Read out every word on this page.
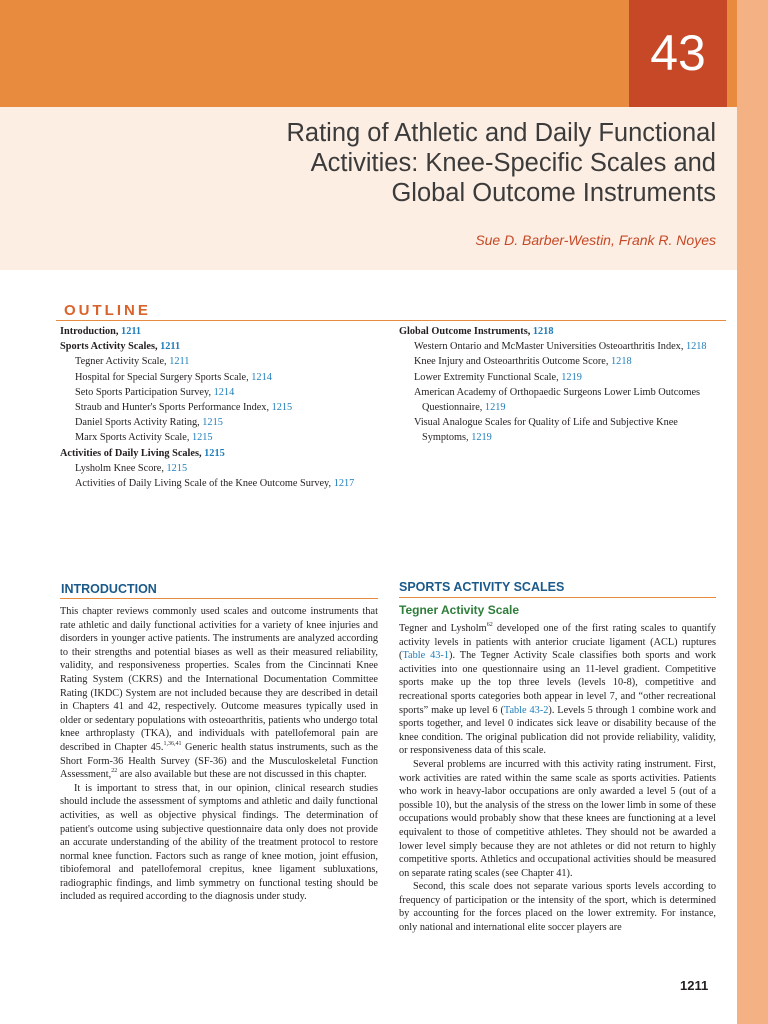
43
Rating of Athletic and Daily Functional
Activities: Knee-Specific Scales and
Global Outcome Instruments
Sue D. Barber-Westin, Frank R. Noyes
OUTLINE
Introduction, 1211
Sports Activity Scales, 1211
Tegner Activity Scale, 1211
Hospital for Special Surgery Sports Scale, 1214
Seto Sports Participation Survey, 1214
Straub and Hunter's Sports Performance Index, 1215
Daniel Sports Activity Rating, 1215
Marx Sports Activity Scale, 1215
Activities of Daily Living Scales, 1215
Lysholm Knee Score, 1215
Activities of Daily Living Scale of the Knee Outcome Survey, 1217
Global Outcome Instruments, 1218
Western Ontario and McMaster Universities Osteoarthritis Index, 1218
Knee Injury and Osteoarthritis Outcome Score, 1218
Lower Extremity Functional Scale, 1219
American Academy of Orthopaedic Surgeons Lower Limb Outcomes Questionnaire, 1219
Visual Analogue Scales for Quality of Life and Subjective Knee Symptoms, 1219
INTRODUCTION

This chapter reviews commonly used scales and outcome instruments that rate athletic and daily functional activities for a variety of knee injuries and disorders in younger active patients. The instruments are analyzed according to their strengths and potential biases as well as their measured reliability, validity, and responsiveness properties. Scales from the Cincinnati Knee Rating System (CKRS) and the International Documentation Committee Rating (IKDC) System are not included because they are described in detail in Chapters 41 and 42, respectively. Outcome measures typically used in older or sedentary populations with osteoarthritis, patients who undergo total knee arthroplasty (TKA), and individuals with patellofemoral pain are described in Chapter 45.$^{1,36,41}$ Generic health status instruments, such as the Short Form-36 Health Survey (SF-36) and the Musculoskeletal Function Assessment,$^{22}$ are also available but these are not discussed in this chapter.

It is important to stress that, in our opinion, clinical research studies should include the assessment of symptoms and athletic and daily functional activities, as well as objective physical findings. The determination of patient's outcome using subjective questionnaire data only does not provide an accurate understanding of the ability of the treatment protocol to restore normal knee function. Factors such as range of knee motion, joint effusion, tibiofemoral and patellofemoral crepitus, knee ligament subluxations, radiographic findings, and limb symmetry on functional testing should be included as required according to the diagnosis under study.

SPORTS ACTIVITY SCALES
Tegner Activity Scale

Tegner and Lysholm$^{62}$ developed one of the first rating scales to quantify activity levels in patients with anterior cruciate ligament (ACL) ruptures (Table 43-1). The Tegner Activity Scale classifies both sports and work activities into one questionnaire using an 11-level gradient. Competitive sports make up the top three levels (levels 10-8), competitive and recreational sports categories both appear in level 7, and “other recreational sports” make up level 6 (Table 43-2). Levels 5 through 1 combine work and sports together, and level 0 indicates sick leave or disability because of the knee condition. The original publication did not provide reliability, validity, or responsiveness data of this scale.

Several problems are incurred with this activity rating instrument. First, work activities are rated within the same scale as sports activities. Patients who work in heavy-labor occupations are only awarded a level 5 (out of a possible 10), but the analysis of the stress on the lower limb in some of these occupations would probably show that these knees are functioning at a level equivalent to those of competitive athletes. They should not be awarded a lower level simply because they are not athletes or did not return to highly competitive sports. Athletics and occupational activities should be measured on separate rating scales (see Chapter 41).

Second, this scale does not separate various sports levels according to frequency of participation or the intensity of the sport, which is determined by accounting for the forces placed on the lower extremity. For instance, only national and international elite soccer players are

1211
